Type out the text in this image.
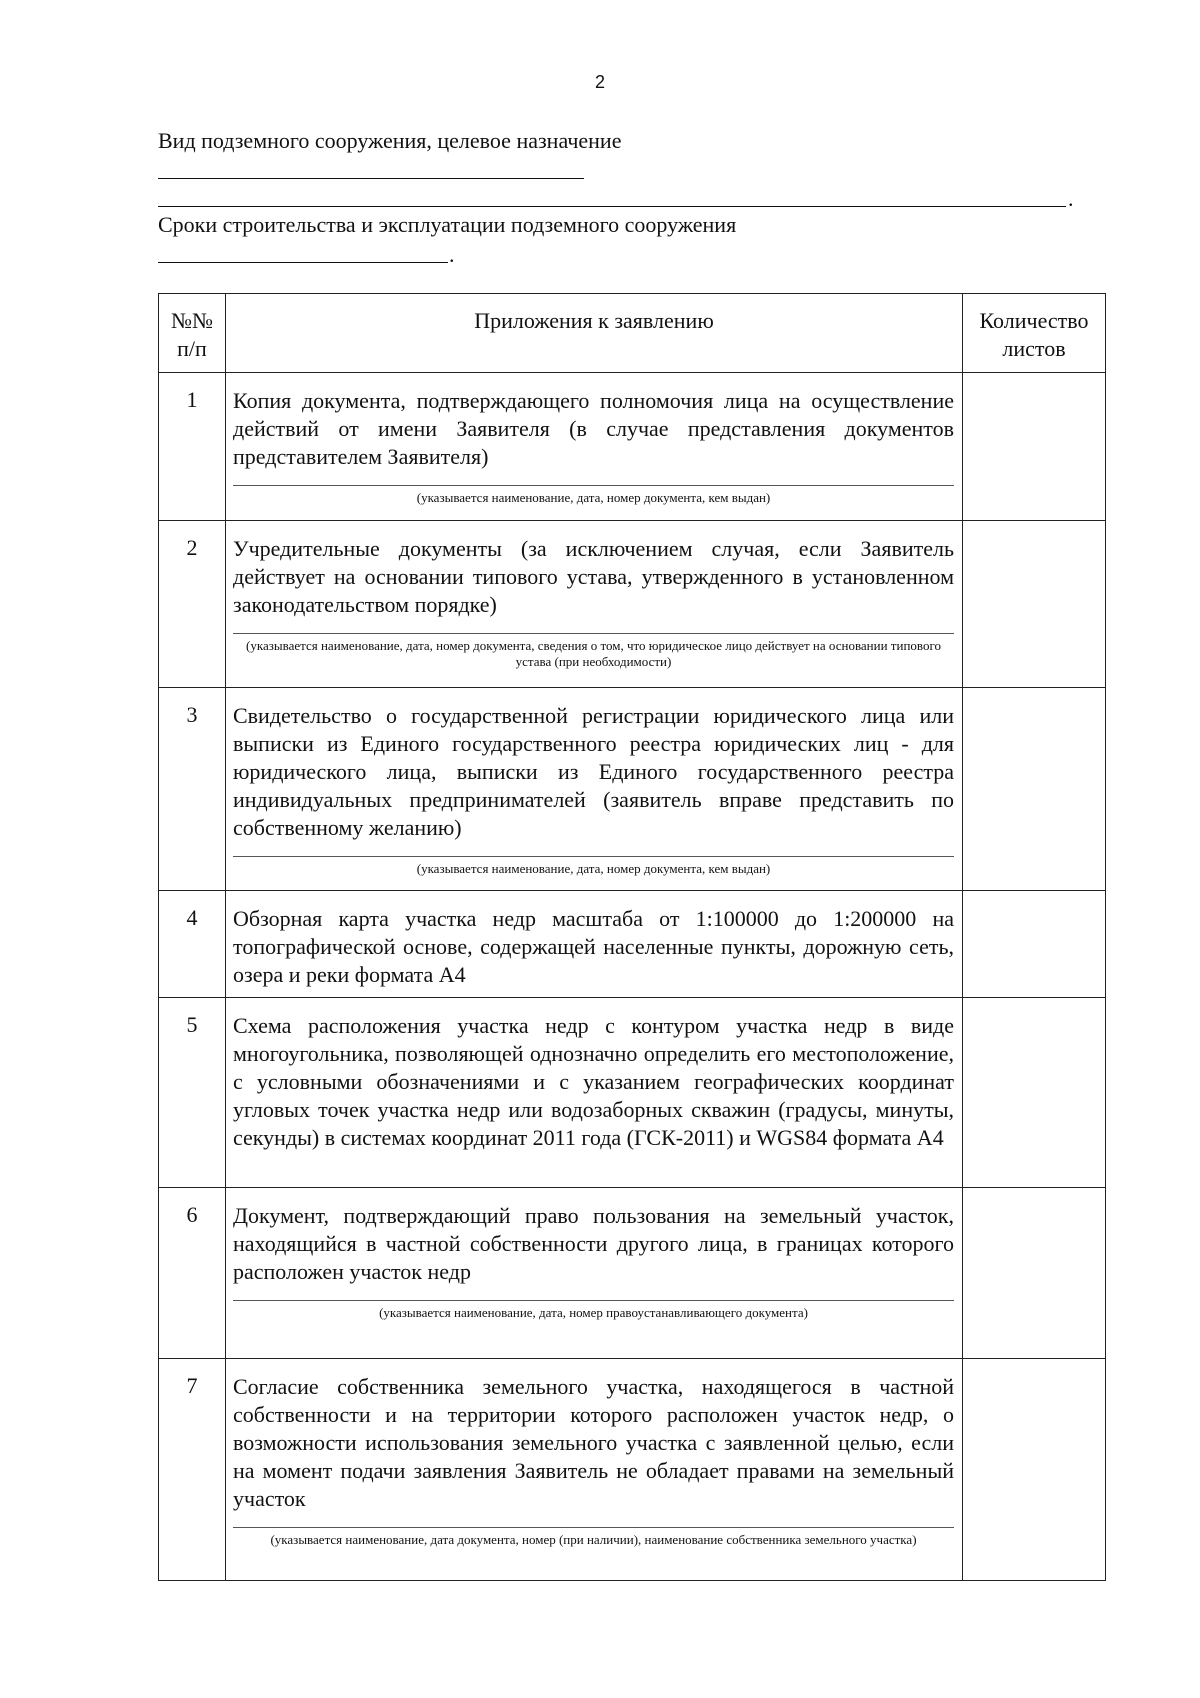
2
Вид подземного сооружения, целевое назначение
.
Сроки строительства и эксплуатации подземного сооружения
.
№№ п/п	Приложения к заявлению	Количество листов

1	Копия документа, подтверждающего полномочия лица на осуществление действий от имени Заявителя (в случае представления документов представителем Заявителя)
(указывается наименование, дата, номер документа, кем выдан)	

2	Учредительные документы (за исключением случая, если Заявитель действует на основании типового устава, утвержденного в установленном законодательством порядке)
(указывается наименование, дата, номер документа, сведения о том, что юридическое лицо действует на основании типового устава (при необходимости)	

3	Свидетельство о государственной регистрации юридического лица или выписки из Единого государственного реестра юридических лиц - для юридического лица, выписки из Единого государственного реестра индивидуальных предпринимателей (заявитель вправе представить по собственному желанию)
(указывается наименование, дата, номер документа, кем выдан)	

4	Обзорная карта участка недр масштаба от 1:100000 до 1:200000 на топографической основе, содержащей населенные пункты, дорожную сеть, озера и реки формата А4	

5	Схема расположения участка недр с контуром участка недр в виде многоугольника, позволяющей однозначно определить его местоположение, с условными обозначениями и с указанием географических координат угловых точек участка недр или водозаборных скважин (градусы, минуты, секунды) в системах координат 2011 года (ГСК-2011) и WGS84 формата А4	

6	Документ, подтверждающий право пользования на земельный участок, находящийся в частной собственности другого лица, в границах которого расположен участок недр
(указывается наименование, дата, номер правоустанавливающего документа)	

7	Согласие собственника земельного участка, находящегося в частной собственности и на территории которого расположен участок недр, о возможности использования земельного участка с заявленной целью, если на момент подачи заявления Заявитель не обладает правами на земельный участок
(указывается наименование, дата документа, номер (при наличии), наименование собственника земельного участка)	
